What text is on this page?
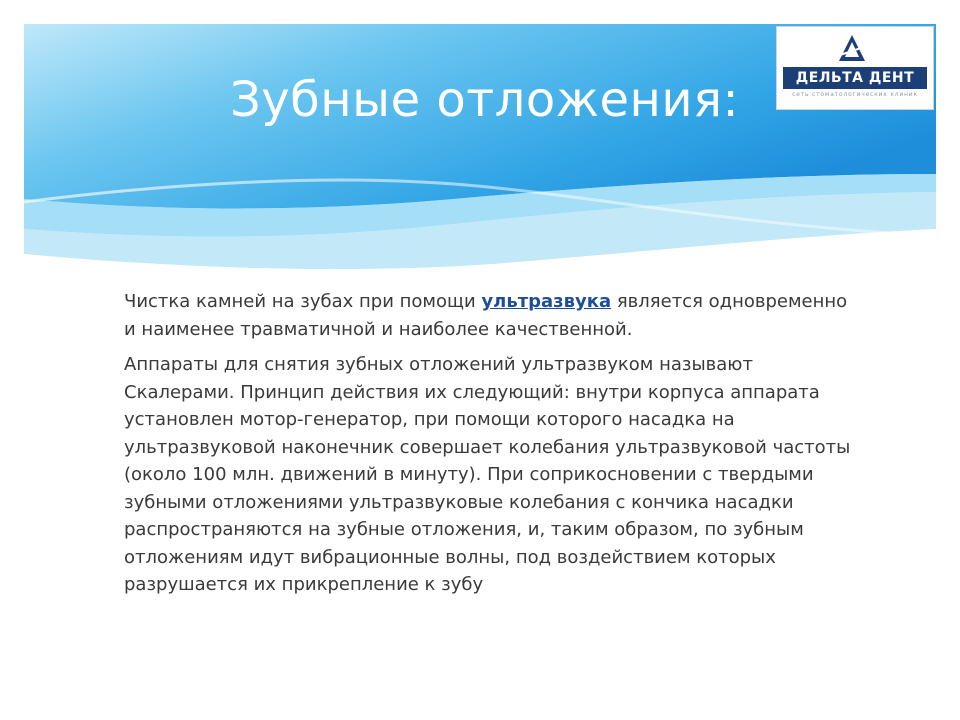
Зубные отложения:	ДЕЛЬТА ДЕНТ
сеть стоматологических клиник

Чистка камней на зубах при помощи ультразвука является одновременно и наименее травматичной и наиболее качественной.

Аппараты для снятия зубных отложений ультразвуком называют Скалерами. Принцип действия их следующий: внутри корпуса аппарата установлен мотор-генератор, при помощи которого насадка на ультразвуковой наконечник совершает колебания ультразвуковой частоты (около 100 млн. движений в минуту). При соприкосновении с твердыми зубными отложениями ультразвуковые колебания с кончика насадки распространяются на зубные отложения, и, таким образом, по зубным отложениям идут вибрационные волны, под воздействием которых разрушается их прикрепление к зубу
